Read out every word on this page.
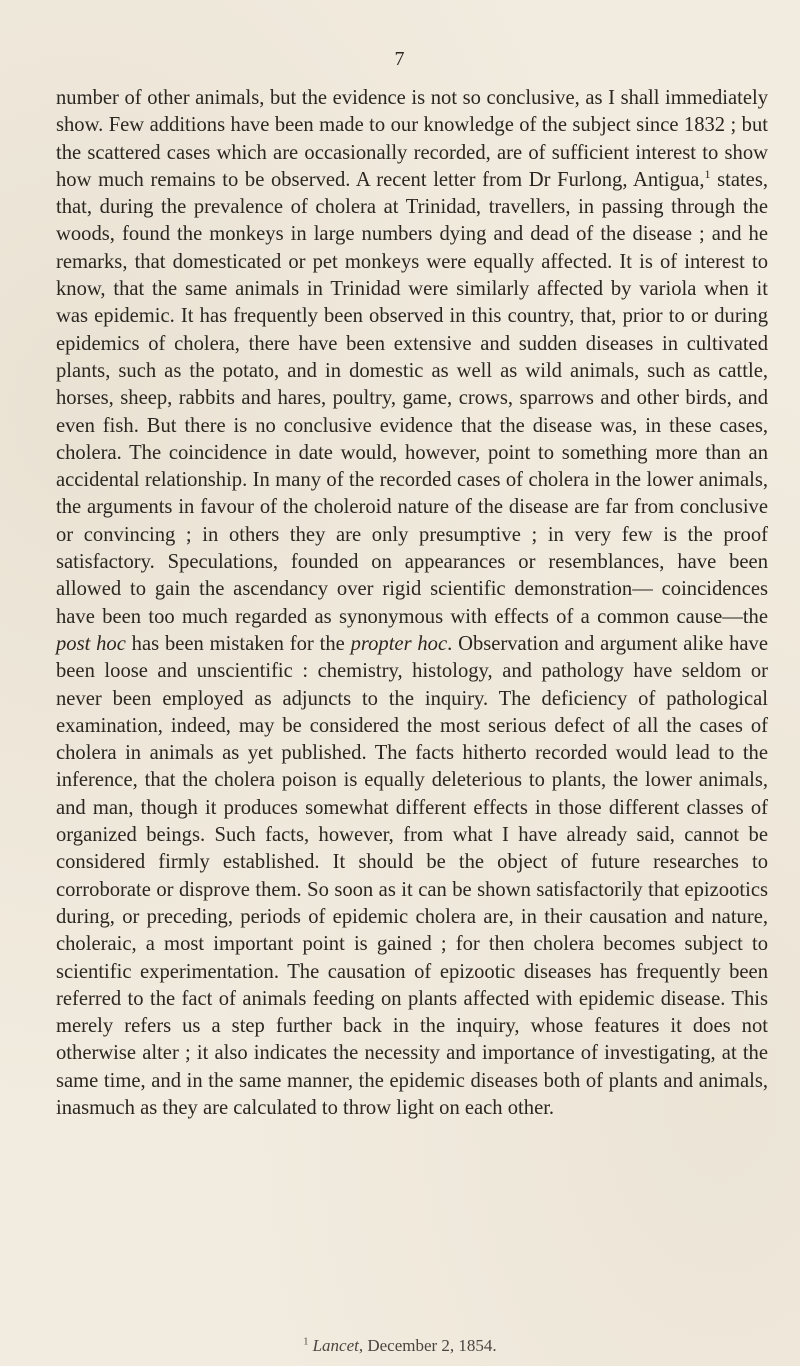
7

number of other animals, but the evidence is not so conclusive, as I shall immediately show. Few additions have been made to our knowledge of the subject since 1832 ; but the scattered cases which are occasionally recorded, are of sufficient interest to show how much remains to be observed. A recent letter from Dr Furlong, Antigua,$^1$ states, that, during the prevalence of cholera at Trinidad, travellers, in passing through the woods, found the monkeys in large numbers dying and dead of the disease ; and he remarks, that domesticated or pet monkeys were equally affected. It is of interest to know, that the same animals in Trinidad were similarly affected by variola when it was epidemic. It has frequently been observed in this country, that, prior to or during epidemics of cholera, there have been extensive and sudden diseases in cultivated plants, such as the potato, and in domestic as well as wild animals, such as cattle, horses, sheep, rabbits and hares, poultry, game, crows, sparrows and other birds, and even fish. But there is no conclusive evidence that the disease was, in these cases, cholera. The coincidence in date would, however, point to something more than an accidental relationship. In many of the recorded cases of cholera in the lower animals, the arguments in favour of the choleroid nature of the disease are far from conclusive or convincing ; in others they are only presumptive ; in very few is the proof satisfactory. Speculations, founded on appearances or resemblances, have been allowed to gain the ascendancy over rigid scientific demonstration— coincidences have been too much regarded as synonymous with effects of a common cause—the post hoc has been mistaken for the propter hoc. Observation and argument alike have been loose and unscientific : chemistry, histology, and pathology have seldom or never been employed as adjuncts to the inquiry. The deficiency of pathological examination, indeed, may be considered the most serious defect of all the cases of cholera in animals as yet published. The facts hitherto recorded would lead to the inference, that the cholera poison is equally deleterious to plants, the lower animals, and man, though it produces somewhat different effects in those different classes of organized beings. Such facts, however, from what I have already said, cannot be considered firmly established. It should be the object of future researches to corroborate or disprove them. So soon as it can be shown satisfactorily that epizootics during, or preceding, periods of epidemic cholera are, in their causation and nature, choleraic, a most important point is gained ; for then cholera becomes subject to scientific experimentation. The causation of epizootic diseases has frequently been referred to the fact of animals feeding on plants affected with epidemic disease. This merely refers us a step further back in the inquiry, whose features it does not otherwise alter ; it also indicates the necessity and importance of investigating, at the same time, and in the same manner, the epidemic diseases both of plants and animals, inasmuch as they are calculated to throw light on each other.

$^1$ Lancet, December 2, 1854.
